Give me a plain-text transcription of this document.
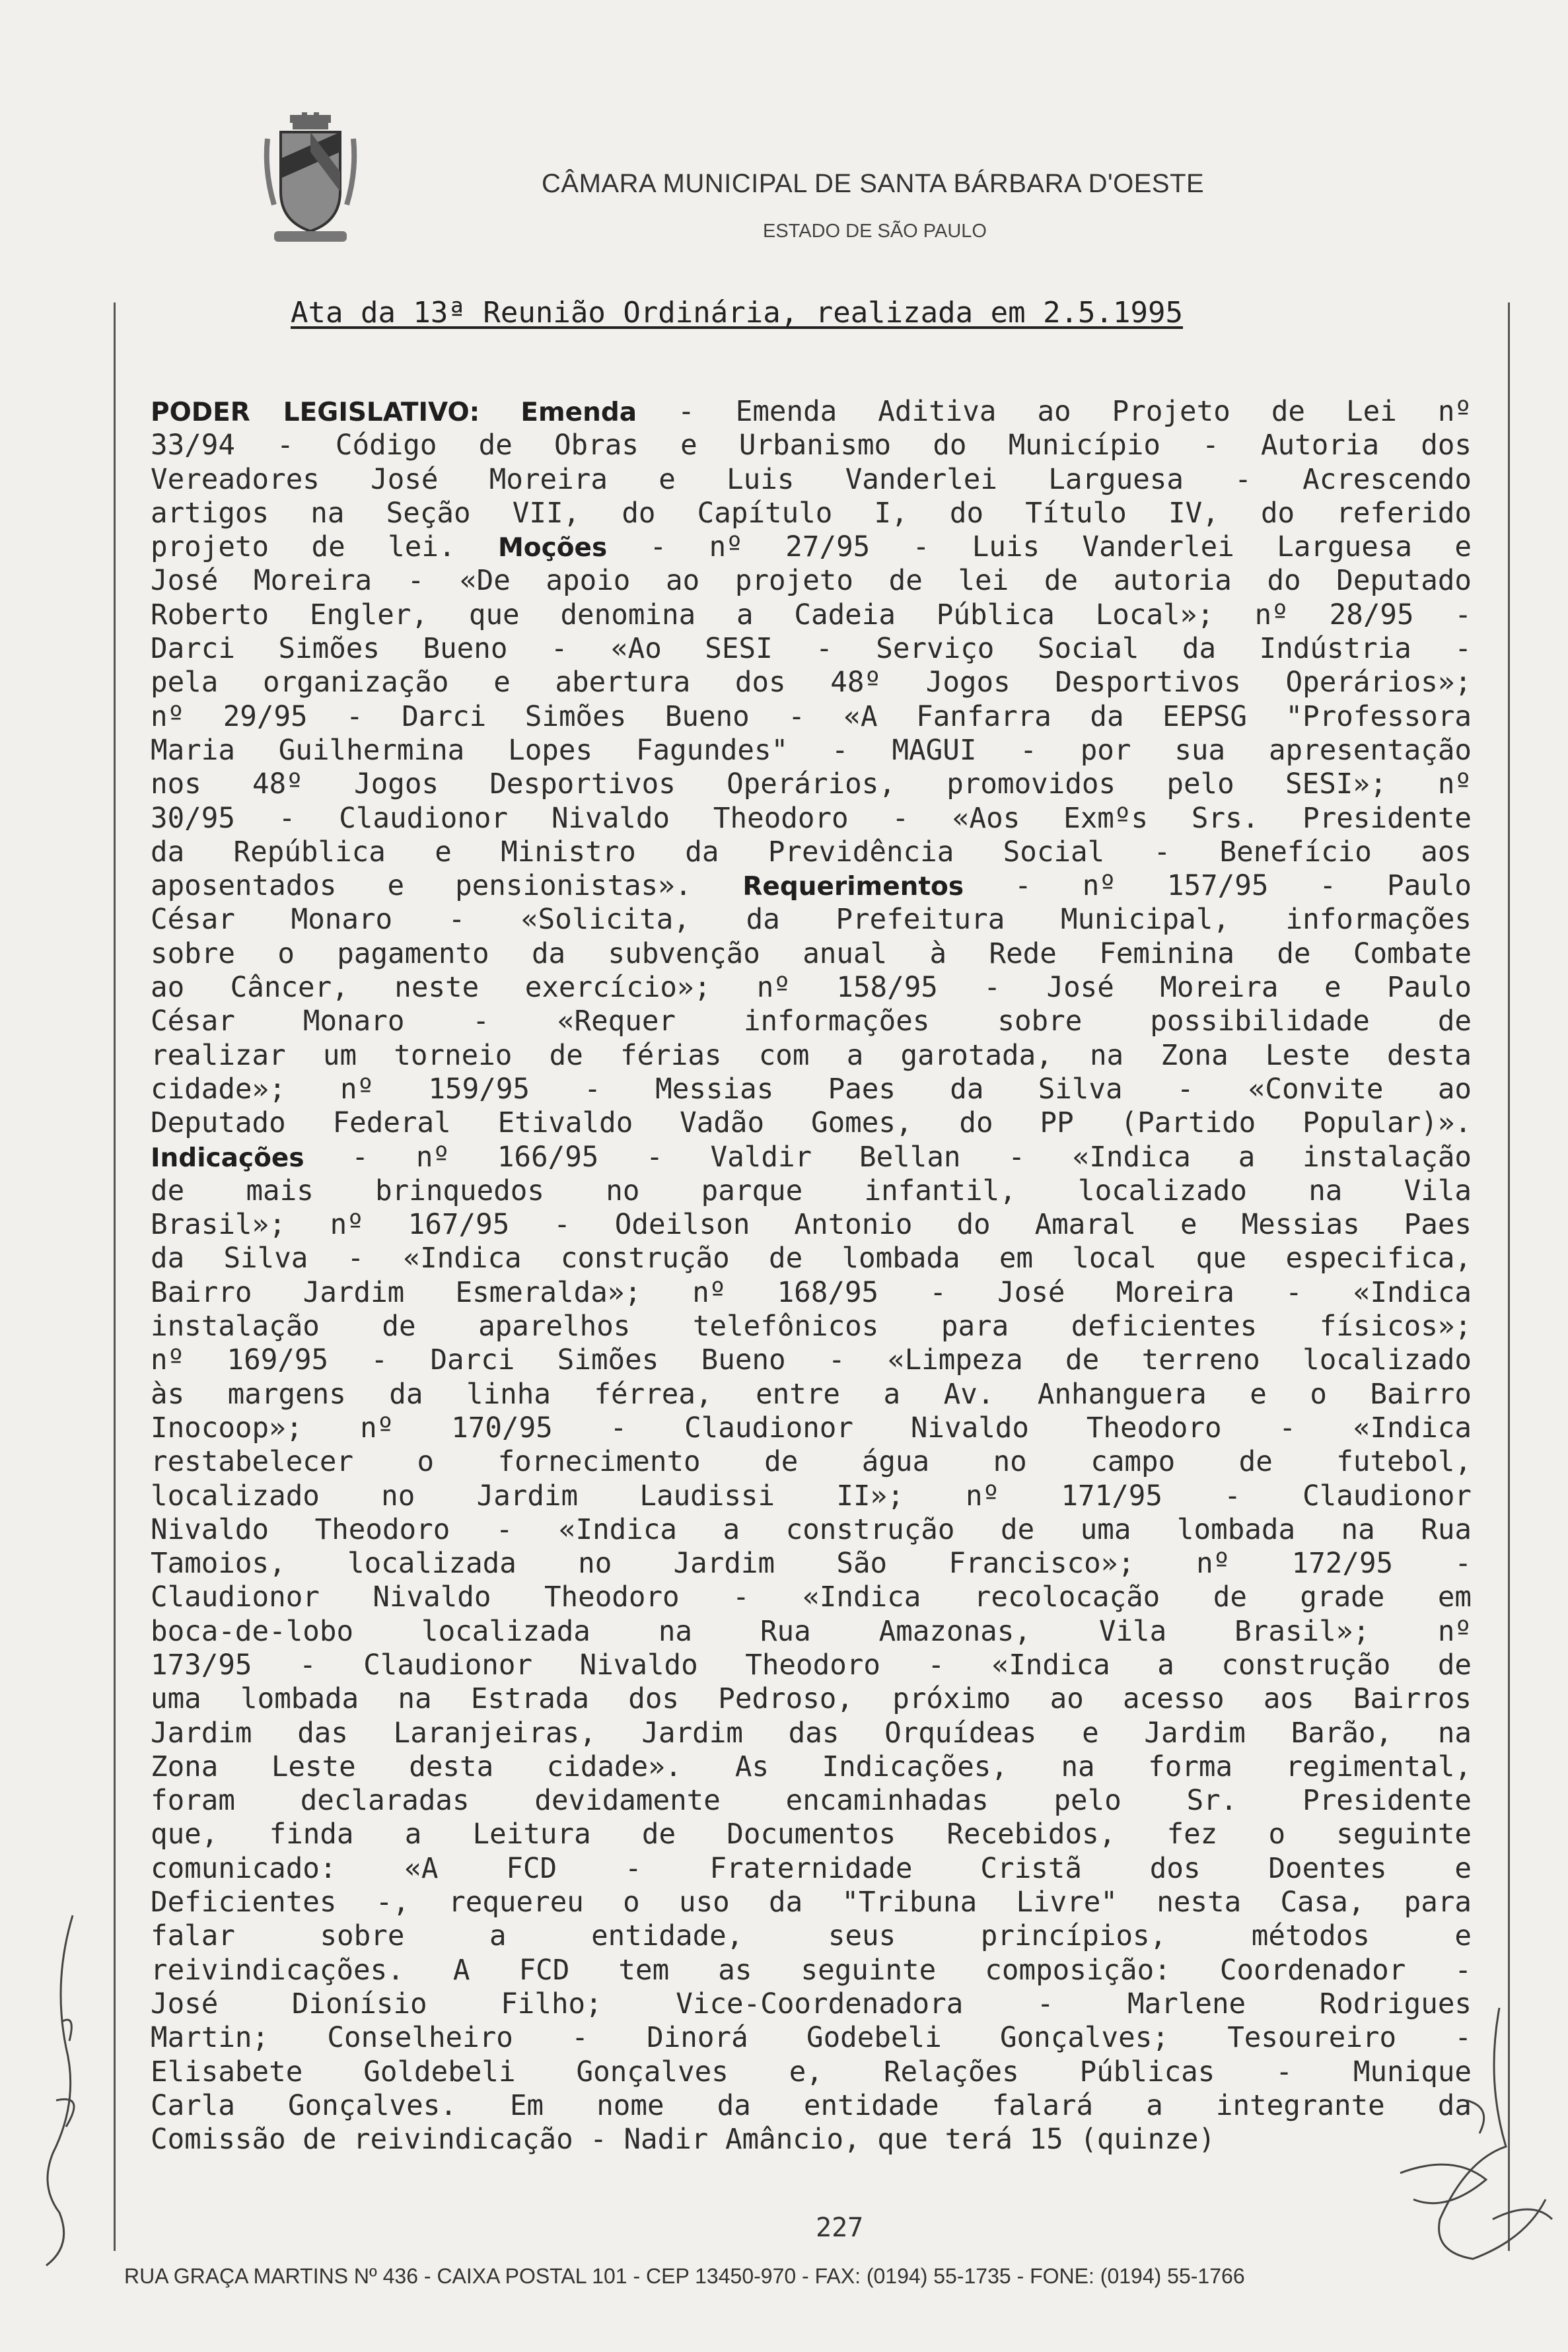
CÂMARA MUNICIPAL DE SANTA BÁRBARA D'OESTE
ESTADO DE SÃO PAULO
Ata da 13ª Reunião Ordinária, realizada em 2.5.1995
PODER LEGISLATIVO: Emenda - Emenda Aditiva ao Projeto de Lei nº
33/94 - Código de Obras e Urbanismo do Município - Autoria dos
Vereadores José Moreira e Luis Vanderlei Larguesa - Acrescendo
artigos na Seção VII, do Capítulo I, do Título IV, do referido
projeto de lei. Moções - nº 27/95 - Luis Vanderlei Larguesa e
José Moreira - «De apoio ao projeto de lei de autoria do Deputado
Roberto Engler, que denomina a Cadeia Pública Local»; nº 28/95 -
Darci Simões Bueno - «Ao SESI - Serviço Social da Indústria -
pela organização e abertura dos 48º Jogos Desportivos Operários»;
nº 29/95 - Darci Simões Bueno - «A Fanfarra da EEPSG "Professora
Maria Guilhermina Lopes Fagundes" - MAGUI - por sua apresentação
nos 48º Jogos Desportivos Operários, promovidos pelo SESI»; nº
30/95 - Claudionor Nivaldo Theodoro - «Aos Exmºs Srs. Presidente
da República e Ministro da Previdência Social - Benefício aos
aposentados e pensionistas». Requerimentos - nº 157/95 - Paulo
César Monaro - «Solicita, da Prefeitura Municipal, informações
sobre o pagamento da subvenção anual à Rede Feminina de Combate
ao Câncer, neste exercício»; nº 158/95 - José Moreira e Paulo
César Monaro - «Requer informações sobre possibilidade de
realizar um torneio de férias com a garotada, na Zona Leste desta
cidade»; nº 159/95 - Messias Paes da Silva - «Convite ao
Deputado Federal Etivaldo Vadão Gomes, do PP (Partido Popular)».
Indicações - nº 166/95 - Valdir Bellan - «Indica a instalação
de mais brinquedos no parque infantil, localizado na Vila
Brasil»; nº 167/95 - Odeilson Antonio do Amaral e Messias Paes
da Silva - «Indica construção de lombada em local que especifica,
Bairro Jardim Esmeralda»; nº 168/95 - José Moreira - «Indica
instalação de aparelhos telefônicos para deficientes físicos»;
nº 169/95 - Darci Simões Bueno - «Limpeza de terreno localizado
às margens da linha férrea, entre a Av. Anhanguera e o Bairro
Inocoop»; nº 170/95 - Claudionor Nivaldo Theodoro - «Indica
restabelecer o fornecimento de água no campo de futebol,
localizado no Jardim Laudissi II»; nº 171/95 - Claudionor
Nivaldo Theodoro - «Indica a construção de uma lombada na Rua
Tamoios, localizada no Jardim São Francisco»; nº 172/95 -
Claudionor Nivaldo Theodoro - «Indica recolocação de grade em
boca-de-lobo localizada na Rua Amazonas, Vila Brasil»; nº
173/95 - Claudionor Nivaldo Theodoro - «Indica a construção de
uma lombada na Estrada dos Pedroso, próximo ao acesso aos Bairros
Jardim das Laranjeiras, Jardim das Orquídeas e Jardim Barão, na
Zona Leste desta cidade». As Indicações, na forma regimental,
foram declaradas devidamente encaminhadas pelo Sr. Presidente
que, finda a Leitura de Documentos Recebidos, fez o seguinte
comunicado: «A FCD - Fraternidade Cristã dos Doentes e
Deficientes -, requereu o uso da "Tribuna Livre" nesta Casa, para
falar sobre a entidade, seus princípios, métodos e
reivindicações. A FCD tem as seguinte composição: Coordenador -
José Dionísio Filho; Vice-Coordenadora - Marlene Rodrigues
Martin; Conselheiro - Dinorá Godebeli Gonçalves; Tesoureiro -
Elisabete Goldebeli Gonçalves e, Relações Públicas - Munique
Carla Gonçalves. Em nome da entidade falará a integrante da
Comissão de reivindicação - Nadir Amâncio, que terá 15 (quinze)
227
RUA GRAÇA MARTINS Nº 436 - CAIXA POSTAL 101 - CEP 13450-970 - FAX: (0194) 55-1735 - FONE: (0194) 55-1766
